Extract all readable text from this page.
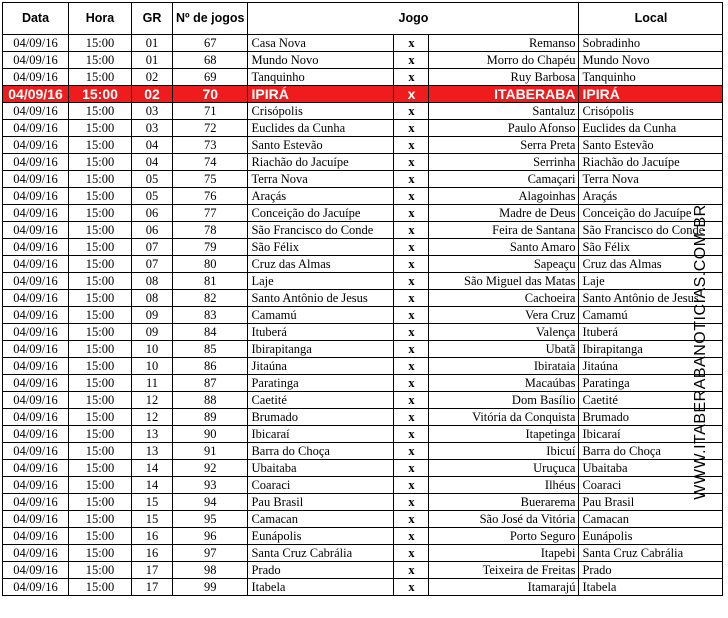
Data	Hora	GR	Nº de jogos	Jogo			Local
04/09/16	15:00	01	67	Casa Nova	x	Remanso	Sobradinho
04/09/16	15:00	01	68	Mundo Novo	x	Morro do Chapéu	Mundo Novo
04/09/16	15:00	02	69	Tanquinho	x	Ruy Barbosa	Tanquinho
04/09/16	15:00	02	70	IPIRÁ	x	ITABERABA	IPIRÁ
04/09/16	15:00	03	71	Crisópolis	x	Santaluz	Crisópolis
04/09/16	15:00	03	72	Euclides da Cunha	x	Paulo Afonso	Euclides da Cunha
04/09/16	15:00	04	73	Santo Estevão	x	Serra Preta	Santo Estevão
04/09/16	15:00	04	74	Riachão do Jacuípe	x	Serrinha	Riachão do Jacuípe
04/09/16	15:00	05	75	Terra Nova	x	Camaçari	Terra Nova
04/09/16	15:00	05	76	Araçás	x	Alagoinhas	Araçás
04/09/16	15:00	06	77	Conceição do Jacuípe	x	Madre de Deus	Conceição do Jacuípe
04/09/16	15:00	06	78	São Francisco do Conde	x	Feira de Santana	São Francisco do Conde
04/09/16	15:00	07	79	São Félix	x	Santo Amaro	São Félix
04/09/16	15:00	07	80	Cruz das Almas	x	Sapeaçu	Cruz das Almas
04/09/16	15:00	08	81	Laje	x	São Miguel das Matas	Laje
04/09/16	15:00	08	82	Santo Antônio de Jesus	x	Cachoeira	Santo Antônio de Jesus
04/09/16	15:00	09	83	Camamú	x	Vera Cruz	Camamú
04/09/16	15:00	09	84	Ituberá	x	Valença	Ituberá
04/09/16	15:00	10	85	Ibirapitanga	x	Ubatã	Ibirapitanga
04/09/16	15:00	10	86	Jitaúna	x	Ibirataia	Jitaúna
04/09/16	15:00	11	87	Paratinga	x	Macaúbas	Paratinga
04/09/16	15:00	12	88	Caetité	x	Dom Basílio	Caetité
04/09/16	15:00	12	89	Brumado	x	Vitória da Conquista	Brumado
04/09/16	15:00	13	90	Ibicaraí	x	Itapetinga	Ibicaraí
04/09/16	15:00	13	91	Barra do Choça	x	Ibicuí	Barra do Choça
04/09/16	15:00	14	92	Ubaitaba	x	Uruçuca	Ubaitaba
04/09/16	15:00	14	93	Coaraci	x	Ilhéus	Coaraci
04/09/16	15:00	15	94	Pau Brasil	x	Buerarema	Pau Brasil
04/09/16	15:00	15	95	Camacan	x	São José da Vitória	Camacan
04/09/16	15:00	16	96	Eunápolis	x	Porto Seguro	Eunápolis
04/09/16	15:00	16	97	Santa Cruz Cabrália	x	Itapebi	Santa Cruz Cabrália
04/09/16	15:00	17	98	Prado	x	Teixeira de Freitas	Prado
04/09/16	15:00	17	99	Itabela	x	Itamarajú	Itabela
WWW.ITABERABANOTICIAS.COM.BR
